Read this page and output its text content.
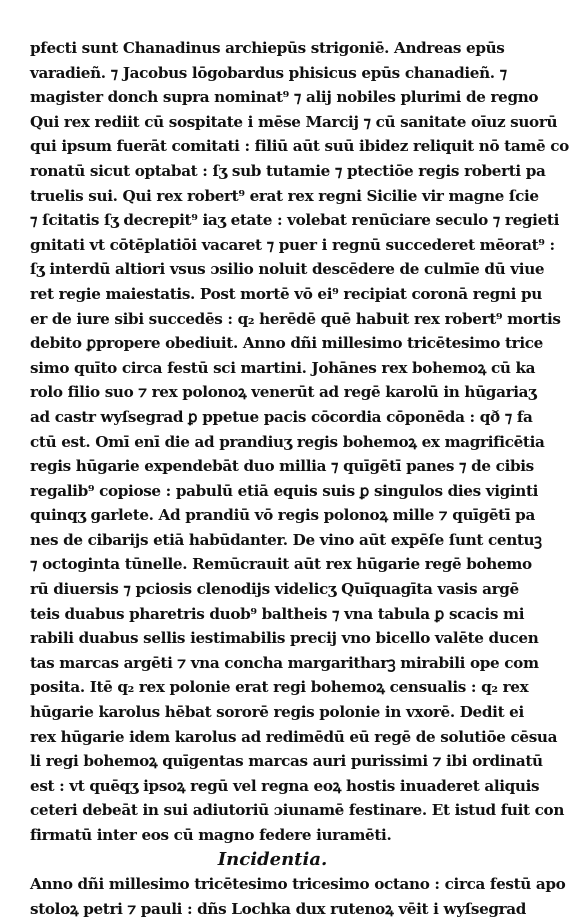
pfecti sunt Chanadinus archiepūs strigoniē. Andreas epūs
varadieñ. ⁊ Jacobus lōgobardus phisicus epūs chanadieñ. ⁊
magister donch supra nominat⁹ ⁊ alij nobiles plurimi de regno
Qui rex rediit cū sospitate i mēse Marcij ⁊ cū sanitate oīuz suorū
qui ipsum fuerāt comitati : filiū aūt suū ibidez reliquit nō tamē co
ronatū sicut optabat : ſʒ sub tutamie ⁊ ptectiōe regis roberti pa
truelis sui. Qui rex robert⁹ erat rex regni Sicilie vir magne ſcie
⁊ ſcitatis ſʒ decrepit⁹ iaʒ etate : volebat renūciare seculo ⁊ regieti
gnitati vt cōtēplatiōi vacaret ⁊ puer i regnū succederet mēorat⁹ :
ſʒ interdū altiori vsus ɔsilio noluit descēdere de culmīe dū viue
ret regie maiestatis. Post mortē vō ei⁹ recipiat coronā regni pu
er de iure sibi succedēs : q₂ herēdē quē habuit rex robert⁹ mortis
debito ꝑpropere obediuit. Anno dñi millesimo tricētesimo trice
simo quīto circa festū sci martini. Johānes rex bohemoꝝ cū ka
rolo filio suo ⁊ rex polonoꝝ venerūt ad regē karolū in hūgariaʒ
ad castr wyſsegrad ꝑ ppetue pacis cōcordia cōponēda : qð ⁊ fa
ctū est. Omī enī die ad prandiuʒ regis bohemoꝝ ex magrificētia
regis hūgarie expendebāt duo millia ⁊ quīgētī panes ⁊ de cibis
regalib⁹ copiose : pabulū etiā equis suis ꝑ singulos dies viginti
quinqʒ garlete. Ad prandiū vō regis polonoꝝ mille ⁊ quīgētī pa
nes de cibarijs etiā habūdanter. De vino aūt expēſe ſunt centuꝫ
⁊ octoginta tūnelle. Remūcrauit aūt rex hūgarie regē bohemo
rū diuersis ⁊ pciosis clenodijs videlicʒ Quīquagīta vasis argē
teis duabus pharetris duob⁹ baltheis ⁊ vna tabula ꝑ scacis mi
rabili duabus sellis iestimabilis precij vno bicello valēte ducen
tas marcas argēti ⁊ vna concha margaritharꝫ mirabili ope com
posita. Itē q₂ rex polonie erat regi bohemoꝝ censualis : q₂ rex
hūgarie karolus hēbat sororē regis polonie in vxorē. Dedit ei
rex hūgarie idem karolus ad redimēdū eū regē de solutiōe cēsua
li regi bohemoꝝ quīgentas marcas auri purissimi ⁊ ibi ordinatū
est : vt quēqʒ ipsoꝝ regū vel regna eoꝝ hostis inuaderet aliquis
ceteri debeāt in sui adiutoriū ɔiunamē festinare. Et istud fuit con
firmatū inter eos cū magno federe iuramēti.
Incidentia.
Anno dñi millesimo tricētesimo tricesimo octano : circa festū apo
stoloꝝ petri ⁊ pauli : dñs Lochka dux rutenoꝝ vēit i wyſsegrad
